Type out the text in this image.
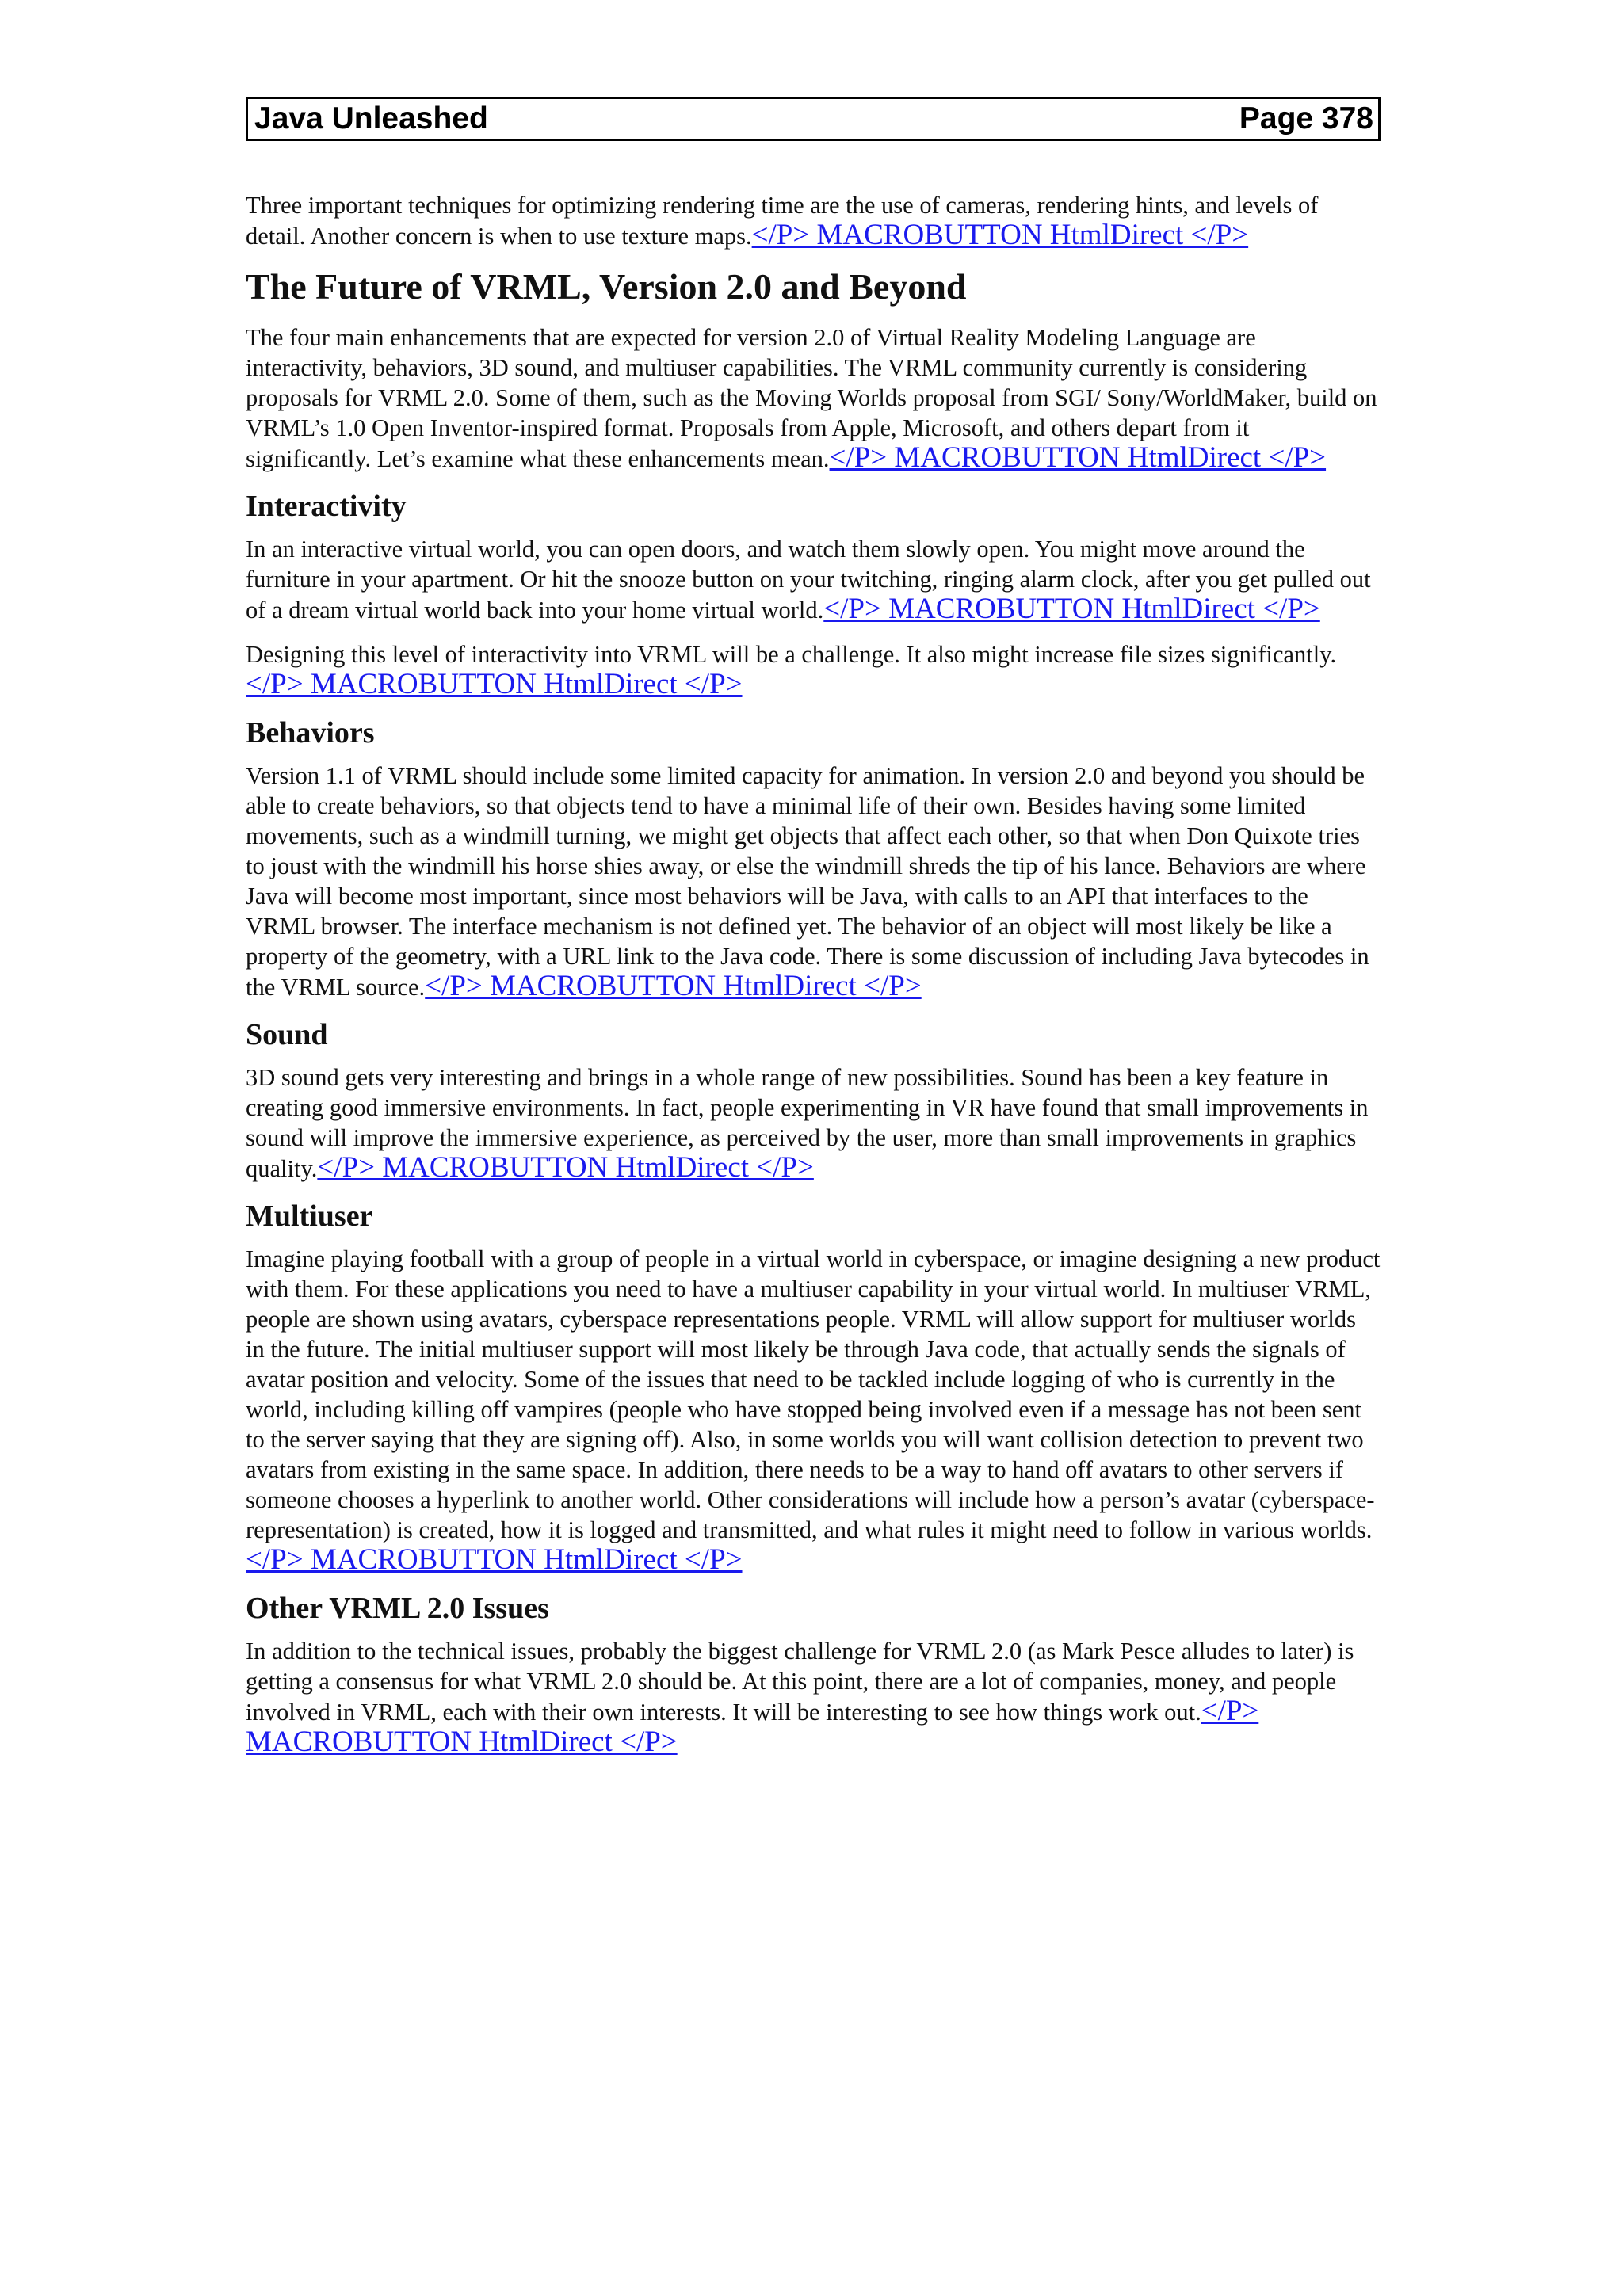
Java Unleashed	Page 378

Three important techniques for optimizing rendering time are the use of cameras, rendering hints, and levels of detail. Another concern is when to use texture maps.</P> MACROBUTTON HtmlDirect </P>

The Future of VRML, Version 2.0 and Beyond

The four main enhancements that are expected for version 2.0 of Virtual Reality Modeling Language are interactivity, behaviors, 3D sound, and multiuser capabilities. The VRML community currently is considering proposals for VRML 2.0. Some of them, such as the Moving Worlds proposal from SGI/ Sony/WorldMaker, build on VRML’s 1.0 Open Inventor-inspired format. Proposals from Apple, Microsoft, and others depart from it significantly. Let’s examine what these enhancements mean.</P> MACROBUTTON HtmlDirect </P>

Interactivity

In an interactive virtual world, you can open doors, and watch them slowly open. You might move around the furniture in your apartment. Or hit the snooze button on your twitching, ringing alarm clock, after you get pulled out of a dream virtual world back into your home virtual world.</P> MACROBUTTON HtmlDirect </P>

Designing this level of interactivity into VRML will be a challenge. It also might increase file sizes significantly.</P> MACROBUTTON HtmlDirect </P>

Behaviors

Version 1.1 of VRML should include some limited capacity for animation. In version 2.0 and beyond you should be able to create behaviors, so that objects tend to have a minimal life of their own. Besides having some limited movements, such as a windmill turning, we might get objects that affect each other, so that when Don Quixote tries to joust with the windmill his horse shies away, or else the windmill shreds the tip of his lance. Behaviors are where Java will become most important, since most behaviors will be Java, with calls to an API that interfaces to the VRML browser. The interface mechanism is not defined yet. The behavior of an object will most likely be like a property of the geometry, with a URL link to the Java code. There is some discussion of including Java bytecodes in the VRML source.</P> MACROBUTTON HtmlDirect </P>

Sound

3D sound gets very interesting and brings in a whole range of new possibilities. Sound has been a key feature in creating good immersive environments. In fact, people experimenting in VR have found that small improvements in sound will improve the immersive experience, as perceived by the user, more than small improvements in graphics quality.</P> MACROBUTTON HtmlDirect </P>

Multiuser

Imagine playing football with a group of people in a virtual world in cyberspace, or imagine designing a new product with them. For these applications you need to have a multiuser capability in your virtual world. In multiuser VRML, people are shown using avatars, cyberspace representations people. VRML will allow support for multiuser worlds in the future. The initial multiuser support will most likely be through Java code, that actually sends the signals of avatar position and velocity. Some of the issues that need to be tackled include logging of who is currently in the world, including killing off vampires (people who have stopped being involved even if a message has not been sent to the server saying that they are signing off). Also, in some worlds you will want collision detection to prevent two avatars from existing in the same space. In addition, there needs to be a way to hand off avatars to other servers if someone chooses a hyperlink to another world. Other considerations will include how a person’s avatar (cyberspace-representation) is created, how it is logged and transmitted, and what rules it might need to follow in various worlds.</P> MACROBUTTON HtmlDirect </P>

Other VRML 2.0 Issues

In addition to the technical issues, probably the biggest challenge for VRML 2.0 (as Mark Pesce alludes to later) is getting a consensus for what VRML 2.0 should be. At this point, there are a lot of companies, money, and people involved in VRML, each with their own interests. It will be interesting to see how things work out.</P> MACROBUTTON HtmlDirect </P>
